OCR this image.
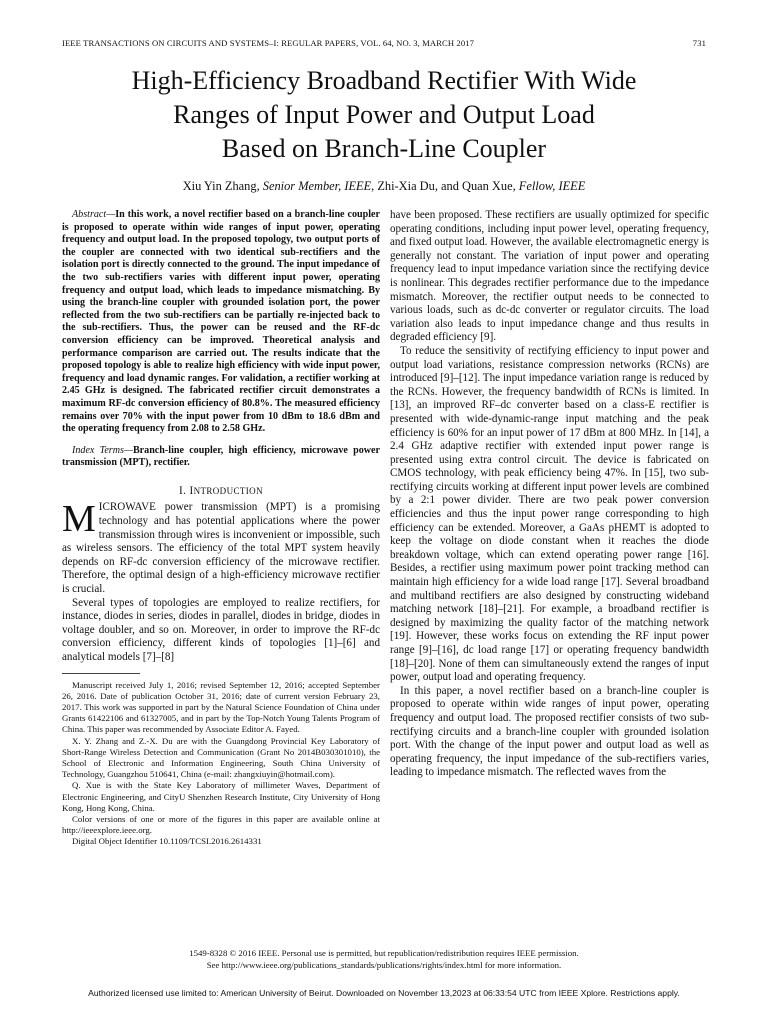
IEEE TRANSACTIONS ON CIRCUITS AND SYSTEMS–I: REGULAR PAPERS, VOL. 64, NO. 3, MARCH 2017	731
High-Efficiency Broadband Rectifier With Wide
Ranges of Input Power and Output Load
Based on Branch-Line Coupler
Xiu Yin Zhang, Senior Member, IEEE, Zhi-Xia Du, and Quan Xue, Fellow, IEEE

Abstract—In this work, a novel rectifier based on a branch-line coupler is proposed to operate within wide ranges of input power, operating frequency and output load. In the proposed topology, two output ports of the coupler are connected with two identical sub-rectifiers and the isolation port is directly connected to the ground. The input impedance of the two sub-rectifiers varies with different input power, operating frequency and output load, which leads to impedance mismatching. By using the branch-line coupler with grounded isolation port, the power reflected from the two sub-rectifiers can be partially re-injected back to the sub-rectifiers. Thus, the power can be reused and the RF-dc conversion efficiency can be improved. Theoretical analysis and performance comparison are carried out. The results indicate that the proposed topology is able to realize high efficiency with wide input power, frequency and load dynamic ranges. For validation, a rectifier working at 2.45 GHz is designed. The fabricated rectifier circuit demonstrates a maximum RF-dc conversion efficiency of 80.8%. The measured efficiency remains over 70% with the input power from 10 dBm to 18.6 dBm and the operating frequency from 2.08 to 2.58 GHz.

Index Terms—Branch-line coupler, high efficiency, microwave power transmission (MPT), rectifier.

I. INTRODUCTION

MICROWAVE power transmission (MPT) is a promising technology and has potential applications where the power transmission through wires is inconvenient or impossible, such as wireless sensors. The efficiency of the total MPT system heavily depends on RF-dc conversion efficiency of the microwave rectifier. Therefore, the optimal design of a high-efficiency microwave rectifier is crucial.

Several types of topologies are employed to realize rectifiers, for instance, diodes in series, diodes in parallel, diodes in bridge, diodes in voltage doubler, and so on. Moreover, in order to improve the RF-dc conversion efficiency, different kinds of topologies [1]–[6] and analytical models [7]–[8]

Manuscript received July 1, 2016; revised September 12, 2016; accepted September 26, 2016. Date of publication October 31, 2016; date of current version February 23, 2017. This work was supported in part by the Natural Science Foundation of China under Grants 61422106 and 61327005, and in part by the Top-Notch Young Talents Program of China. This paper was recommended by Associate Editor A. Fayed.

X. Y. Zhang and Z.-X. Du are with the Guangdong Provincial Key Laboratory of Short-Range Wireless Detection and Communication (Grant No 2014B030301010), the School of Electronic and Information Engineering, South China University of Technology, Guangzhou 510641, China (e-mail: zhangxiuyin@hotmail.com).

Q. Xue is with the State Key Laboratory of millimeter Waves, Department of Electronic Engineering, and CityU Shenzhen Research Institute, City University of Hong Kong, Hong Kong, China.

Color versions of one or more of the figures in this paper are available online at http://ieeexplore.ieee.org.

Digital Object Identifier 10.1109/TCSI.2016.2614331

have been proposed. These rectifiers are usually optimized for specific operating conditions, including input power level, operating frequency, and fixed output load. However, the available electromagnetic energy is generally not constant. The variation of input power and operating frequency lead to input impedance variation since the rectifying device is nonlinear. This degrades rectifier performance due to the impedance mismatch. Moreover, the rectifier output needs to be connected to various loads, such as dc-dc converter or regulator circuits. The load variation also leads to input impedance change and thus results in degraded efficiency [9].

To reduce the sensitivity of rectifying efficiency to input power and output load variations, resistance compression networks (RCNs) are introduced [9]–[12]. The input impedance variation range is reduced by the RCNs. However, the frequency bandwidth of RCNs is limited. In [13], an improved RF–dc converter based on a class-E rectifier is presented with wide-dynamic-range input matching and the peak efficiency is 60% for an input power of 17 dBm at 800 MHz. In [14], a 2.4 GHz adaptive rectifier with extended input power range is presented using extra control circuit. The device is fabricated on CMOS technology, with peak efficiency being 47%. In [15], two sub-rectifying circuits working at different input power levels are combined by a 2:1 power divider. There are two peak power conversion efficiencies and thus the input power range corresponding to high efficiency can be extended. Moreover, a GaAs pHEMT is adopted to keep the voltage on diode constant when it reaches the diode breakdown voltage, which can extend operating power range [16]. Besides, a rectifier using maximum power point tracking method can maintain high efficiency for a wide load range [17]. Several broadband and multiband rectifiers are also designed by constructing wideband matching network [18]–[21]. For example, a broadband rectifier is designed by maximizing the quality factor of the matching network [19]. However, these works focus on extending the RF input power range [9]–[16], dc load range [17] or operating frequency bandwidth [18]–[20]. None of them can simultaneously extend the ranges of input power, output load and operating frequency.

In this paper, a novel rectifier based on a branch-line coupler is proposed to operate within wide ranges of input power, operating frequency and output load. The proposed rectifier consists of two sub-rectifying circuits and a branch-line coupler with grounded isolation port. With the change of the input power and output load as well as operating frequency, the input impedance of the sub-rectifiers varies, leading to impedance mismatch. The reflected waves from the

1549-8328 © 2016 IEEE. Personal use is permitted, but republication/redistribution requires IEEE permission.
See http://www.ieee.org/publications_standards/publications/rights/index.html for more information.
Authorized licensed use limited to: American University of Beirut. Downloaded on November 13,2023 at 06:33:54 UTC from IEEE Xplore. Restrictions apply.
